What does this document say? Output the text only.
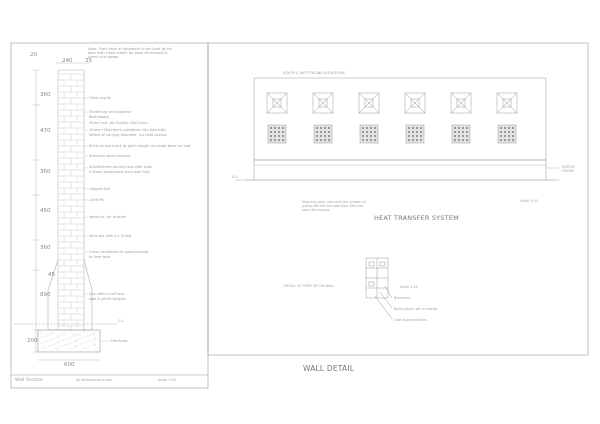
20
240 25
360
470
360
450
360
890
200
600
45
G.L
Note: Front face of brickwork to be lined by tie bars with close match for ease of removal & check trial boxes
Clear cap fb
Sheet tray and pipeline
Bed Hoppe
20mm ext. ply facility 10x10mm
45mm+20x20mm cantilever ribs tied with
lattice of varying diameter, for heat access
Brick course block at pitch length to create base for roof
Stainless steel channel
40x40x5mm purlin/cross with slots
& three projections from wall fully
Hopped tint
Lintel fill
Vents ch. for bracket
Vent dpc with t.s. lining
Cross ventilated air gap/creasing
to lime face
Dpc with a half lock
wall & plinth lengths
Hardcore
Wall Section	All dimensions in mm	Scale 1:20
SOUTH & WEST FACING ELEVATIONS
DEPLOY
GRUDE
G.L
Drip tray pipe runs and the system of
pump will link the wall pipe tied into
each discharges
Scale 1:50
HEAT TRANSFER SYSTEM
DETAIL OF PIPES SET IN WALL	Scale 1:25
Breeshen
Black pipes, set in mortar
Cast spacers/bricks
WALL DETAIL
